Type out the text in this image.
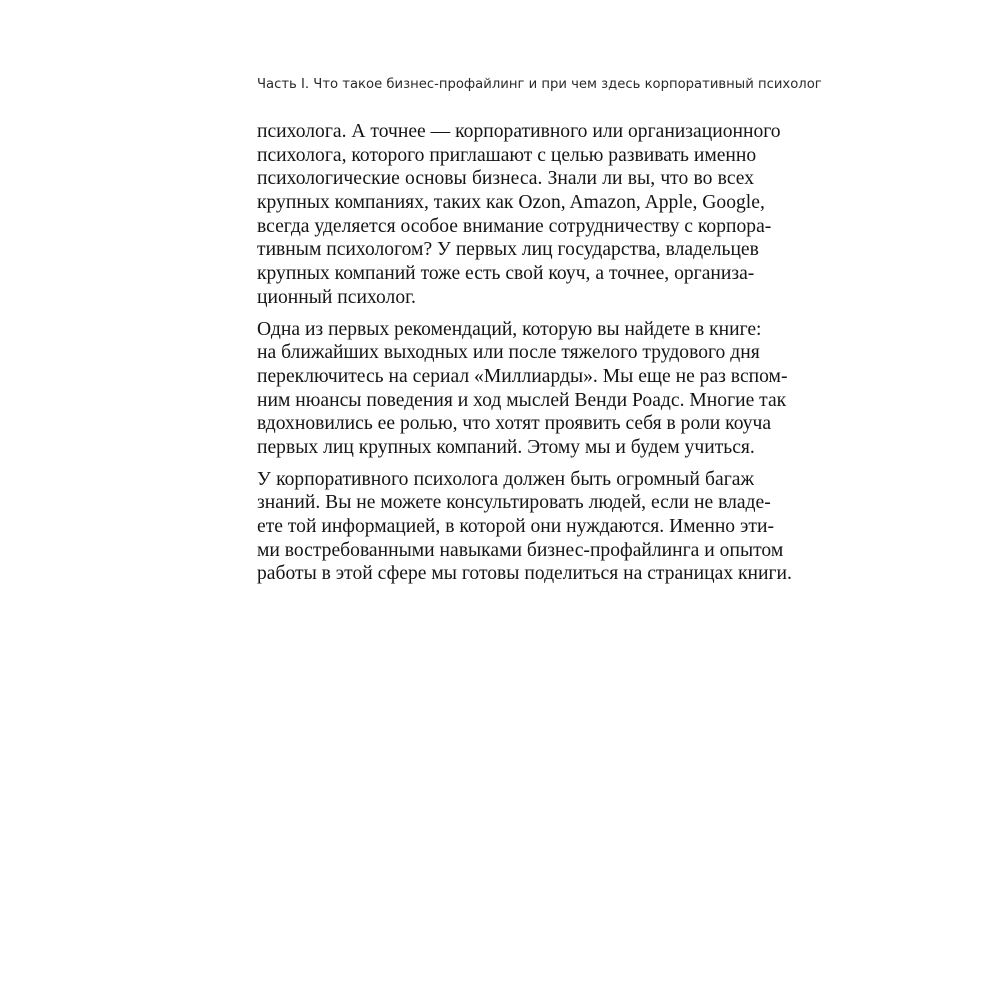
Часть I. Что такое бизнес-профайлинг и при чем здесь корпоративный психолог

психолога. А точнее — корпоративного или организационного
психолога, которого приглашают с целью развивать именно
психологические основы бизнеса. Знали ли вы, что во всех
крупных компаниях, таких как Ozon, Amazon, Apple, Google,
всегда уделяется особое внимание сотрудничеству с корпора-
тивным психологом? У первых лиц государства, владельцев
крупных компаний тоже есть свой коуч, а точнее, организа-
ционный психолог.

Одна из первых рекомендаций, которую вы найдете в книге:
на ближайших выходных или после тяжелого трудового дня
переключитесь на сериал «Миллиарды». Мы еще не раз вспом-
ним нюансы поведения и ход мыслей Венди Роадс. Многие так
вдохновились ее ролью, что хотят проявить себя в роли коуча
первых лиц крупных компаний. Этому мы и будем учиться.

У корпоративного психолога должен быть огромный багаж
знаний. Вы не можете консультировать людей, если не владе-
ете той информацией, в которой они нуждаются. Именно эти-
ми востребованными навыками бизнес-профайлинга и опытом
работы в этой сфере мы готовы поделиться на страницах книги.
